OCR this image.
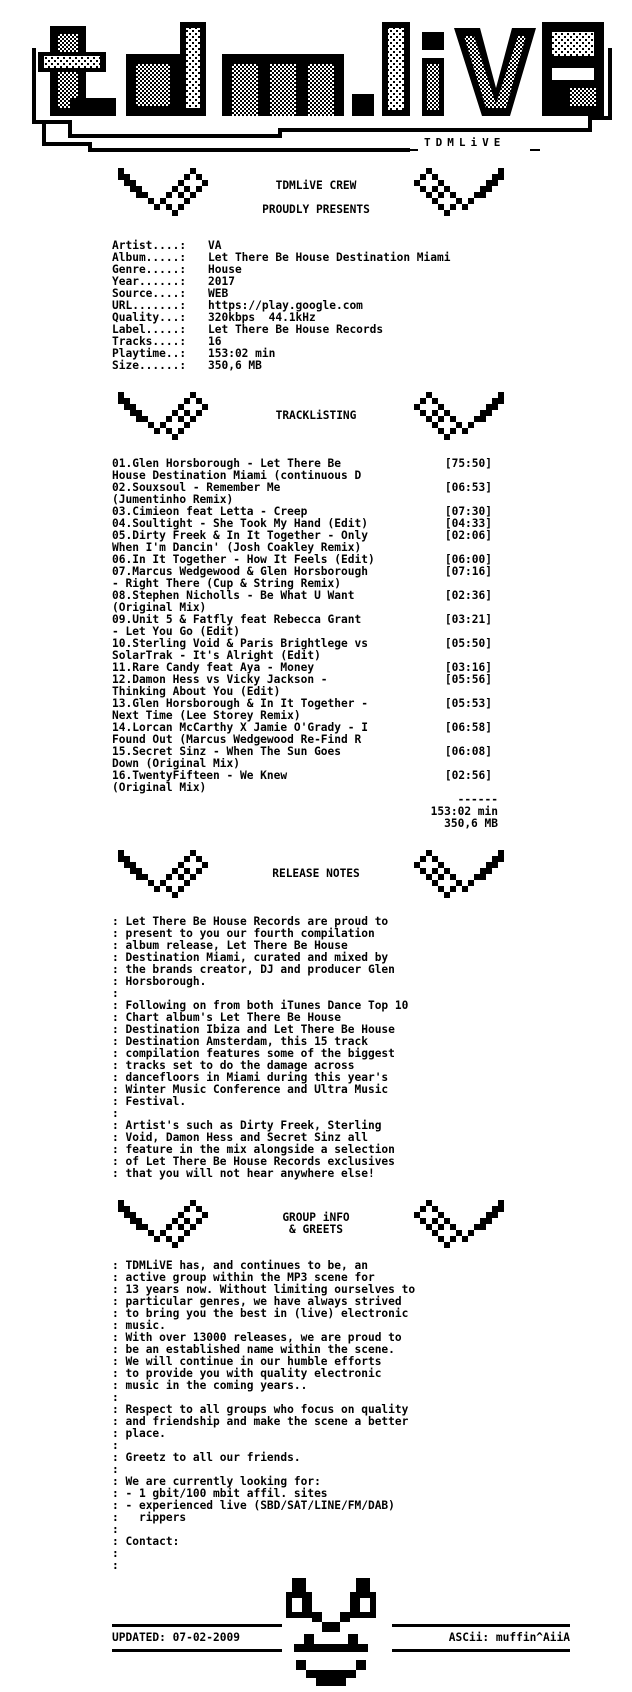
TDMLiVE
TDMLiVE CREW
PROUDLY PRESENTS
Artist....:	VA
Album.....:	Let There Be House Destination Miami
Genre.....:	House
Year......:	2017
Source....:	WEB
URL.......:	https://play.google.com
Quality...:	320kbps  44.1kHz
Label.....:	Let There Be House Records
Tracks....:	16
Playtime..:	153:02 min
Size......:	350,6 MB
TRACKLiSTING
01.Glen Horsborough - Let There Be	[75:50]
House Destination Miami (continuous D
02.Souxsoul - Remember Me	[06:53]
(Jumentinho Remix)
03.Cimieon feat Letta - Creep	[07:30]
04.Soultight - She Took My Hand (Edit)	[04:33]
05.Dirty Freek & In It Together - Only	[02:06]
When I'm Dancin' (Josh Coakley Remix)
06.In It Together - How It Feels (Edit)	[06:00]
07.Marcus Wedgewood & Glen Horsborough	[07:16]
- Right There (Cup & String Remix)
08.Stephen Nicholls - Be What U Want	[02:36]
(Original Mix)
09.Unit 5 & Fatfly feat Rebecca Grant	[03:21]
- Let You Go (Edit)
10.Sterling Void & Paris Brightlege vs	[05:50]
SolarTrak - It's Alright (Edit)
11.Rare Candy feat Aya - Money	[03:16]
12.Damon Hess vs Vicky Jackson -	[05:56]
Thinking About You (Edit)
13.Glen Horsborough & In It Together -	[05:53]
Next Time (Lee Storey Remix)
14.Lorcan McCarthy X Jamie O'Grady - I	[06:58]
Found Out (Marcus Wedgewood Re-Find R
15.Secret Sinz - When The Sun Goes	[06:08]
Down (Original Mix)
16.TwentyFifteen - We Knew	[02:56]
(Original Mix)
------
153:02 min
350,6 MB
RELEASE NOTES
: Let There Be House Records are proud to
: present to you our fourth compilation
: album release, Let There Be House
: Destination Miami, curated and mixed by
: the brands creator, DJ and producer Glen
: Horsborough.
:
: Following on from both iTunes Dance Top 10
: Chart album's Let There Be House
: Destination Ibiza and Let There Be House
: Destination Amsterdam, this 15 track
: compilation features some of the biggest
: tracks set to do the damage across
: dancefloors in Miami during this year's
: Winter Music Conference and Ultra Music
: Festival.
:
: Artist's such as Dirty Freek, Sterling
: Void, Damon Hess and Secret Sinz all
: feature in the mix alongside a selection
: of Let There Be House Records exclusives
: that you will not hear anywhere else!
GROUP iNFO
& GREETS
: TDMLiVE has, and continues to be, an
: active group within the MP3 scene for
: 13 years now. Without limiting ourselves to
: particular genres, we have always strived
: to bring you the best in (live) electronic
: music.
: With over 13000 releases, we are proud to
: be an established name within the scene.
: We will continue in our humble efforts
: to provide you with quality electronic
: music in the coming years..
:
: Respect to all groups who focus on quality
: and friendship and make the scene a better
: place.
:
: Greetz to all our friends.
:
: We are currently looking for:
: - 1 gbit/100 mbit affil. sites
: - experienced live (SBD/SAT/LINE/FM/DAB)
:   rippers
:
: Contact:
:
:
UPDATED: 07-02-2009	ASCii: muffin^AiiA
